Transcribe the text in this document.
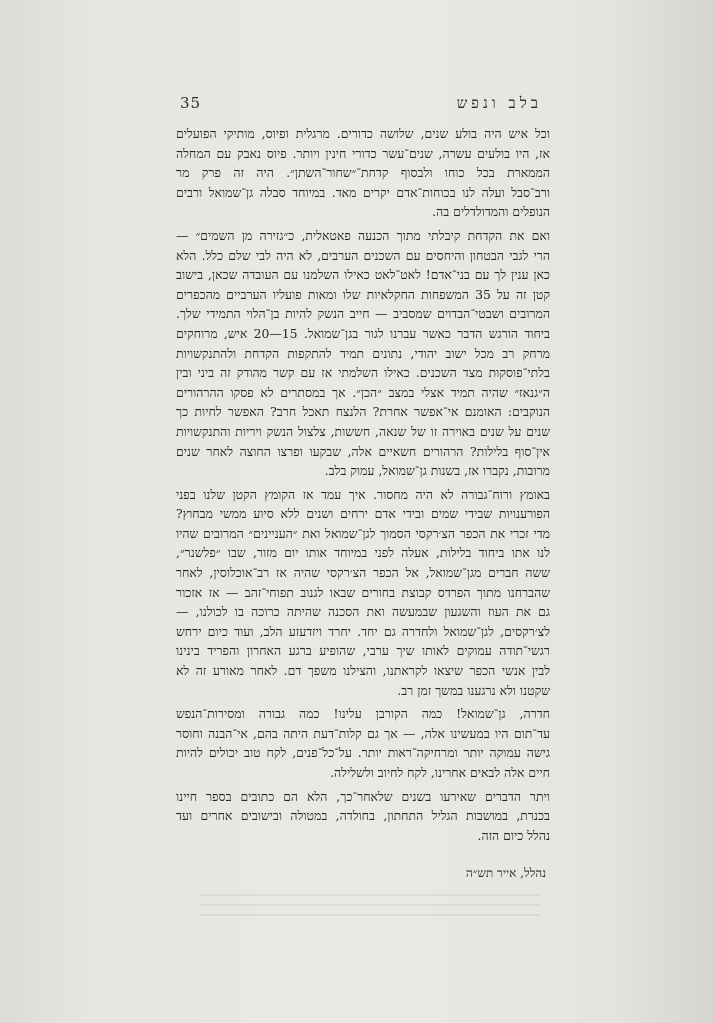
35	בלב ונפש

וכל איש היה בולע שנים, שלושה כדורים. מרגלית ופיוס, מותיקי הפועלים
אז, היו בולעים עשרה, שנים־עשר כדורי חינין ויותר. פיוס נאבק עם המחלה
הממארת בכל כוחו ולבסוף קדחת־״שחור־השתן״. היה זה פרק מר
ורב־סבל ועלה לנו בכוחות־אדם יקרים מאד. במיוחד סבלה גן־שמואל ורבים
הנופלים והמדולדלים בה.

ואם את הקדחת קיבלתי מתוך הכנעה פאטאלית, כ״גזירה מן השמים״ —
הרי לגבי הבטחון והיחסים עם השכנים הערבים, לא היה לבי שלם כלל. הלא
כאן ענין לך עם בני־אדם! לאט־לאט כאילו השלמנו עם העובדה שכאן, בישוב
קטן זה על 35 המשפחות החקלאיות שלו ומאות פועליו הערביים מהכפרים
המרובים ושבטי־הבדוים שמסביב — חייב הנשק להיות בן־הלוי התמידי שלך.
ביחוד הורגש הדבר כאשר עברנו לגור בגן־שמואל. 15—20 איש, מרוחקים
מרחק רב מכל ישוב יהודי, נתונים תמיד להתקפות הקדחת ולהתנקשויות
בלתי־פוסקות מצד השכנים. כאילו השלמתי אז עם קשר מהודק זה ביני ובין
ה״גנאז״ שהיה תמיד אצלי במצב ״הכן״. אך במסתרים לא פסקו ההרהורים
הנוקבים: האומנם אי־אפשר אחרת? הלנצח תאכל חרב? האפשר לחיות כך
שנים על שנים באוירה זו של שנאה, חששות, צלצול הנשק ויריות והתנקשויות
אין־סוף בלילות? הרהורים חשאיים אלה, שבקעו ופרצו החוצה לאחר שנים
מרובות, נקברו אז, בשנות גן־שמואל, עמוק בלב.

באומץ ורוח־גבורה לא היה מחסור. איך עמד אז הקומץ הקטן שלנו בפני
הפורענויות שבידי שמים ובידי אדם ירחים ושנים ללא סיוע ממשי מבחוץ?
מדי זכרי את הכפר הצ׳רקסי הסמוך לגן־שמואל ואת ״העניינים״ המרובים שהיו
לנו אתו ביחוד בלילות, אעלה לפני במיוחד אותו יום מזור, שבו ״פלשנר״,
ששה חברים מגן־שמואל, אל הכפר הצ׳רקסי שהיה אז רב־אוכלוסין, לאחר
שהברחנו מתוך הפרדס קבוצת בחורים שבאו לגנוב תפוחי־זהב — אז אזכור
גם את העוז והשגעון שבמעשה ואת הסכנה שהיתה כרוכה בו לכולנו, —
לצ׳רקסים, לגן־שמואל ולחדרה גם יחד. יחרד ויזדעזע הלב, ועוד כיום ירחש
רגשי־תודה עמוקים לאותו שיך ערבי, שהופיע ברגע האחרון והפריד בינינו
לבין אנשי הכפר שיצאו לקראתנו, והצילנו משפך דם. לאחר מאורע זה לא
שקטנו ולא נרגענו במשך זמן רב.

חדרה, גן־שמואל! כמה הקורבן עלינו! כמה גבורה ומסירות־הנפש
עד־תום היו במעשינו אלה, — אך גם קלות־דעת היתה בהם, אי־הבנה וחוסר
גישה עמוקה יותר ומרחיקה־ראות יותר. על־כל־פנים, לקח טוב יכולים להיות
חיים אלה לבאים אחרינו, לקח לחיוב ולשלילה.

ויתר הדברים שאירעו בשנים שלאחר־כך, הלא הם כתובים בספר חיינו
בכנרת, במושבות הגליל התחתון, בחולדה, במטולה ובישובים אחרים ועד
נהלל כיום הזה.

נהלל, אייר תש״ה
